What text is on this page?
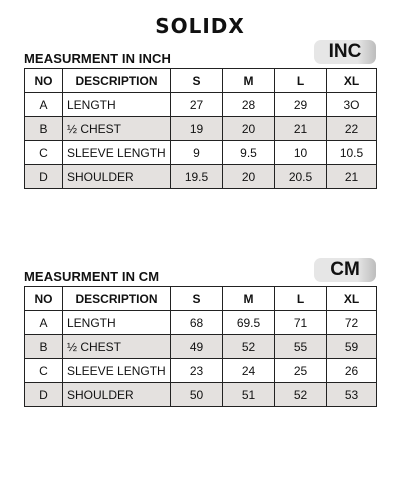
SOLIDX
MEASURMENT IN INCH	INC
NO	DESCRIPTION	S	M	L	XL
A	LENGTH	27	28	29	3O
B	½ CHEST	19	20	21	22
C	SLEEVE LENGTH	9	9.5	10	10.5
D	SHOULDER	19.5	20	20.5	21
MEASURMENT IN CM	CM
NO	DESCRIPTION	S	M	L	XL
A	LENGTH	68	69.5	71	72
B	½ CHEST	49	52	55	59
C	SLEEVE LENGTH	23	24	25	26
D	SHOULDER	50	51	52	53
